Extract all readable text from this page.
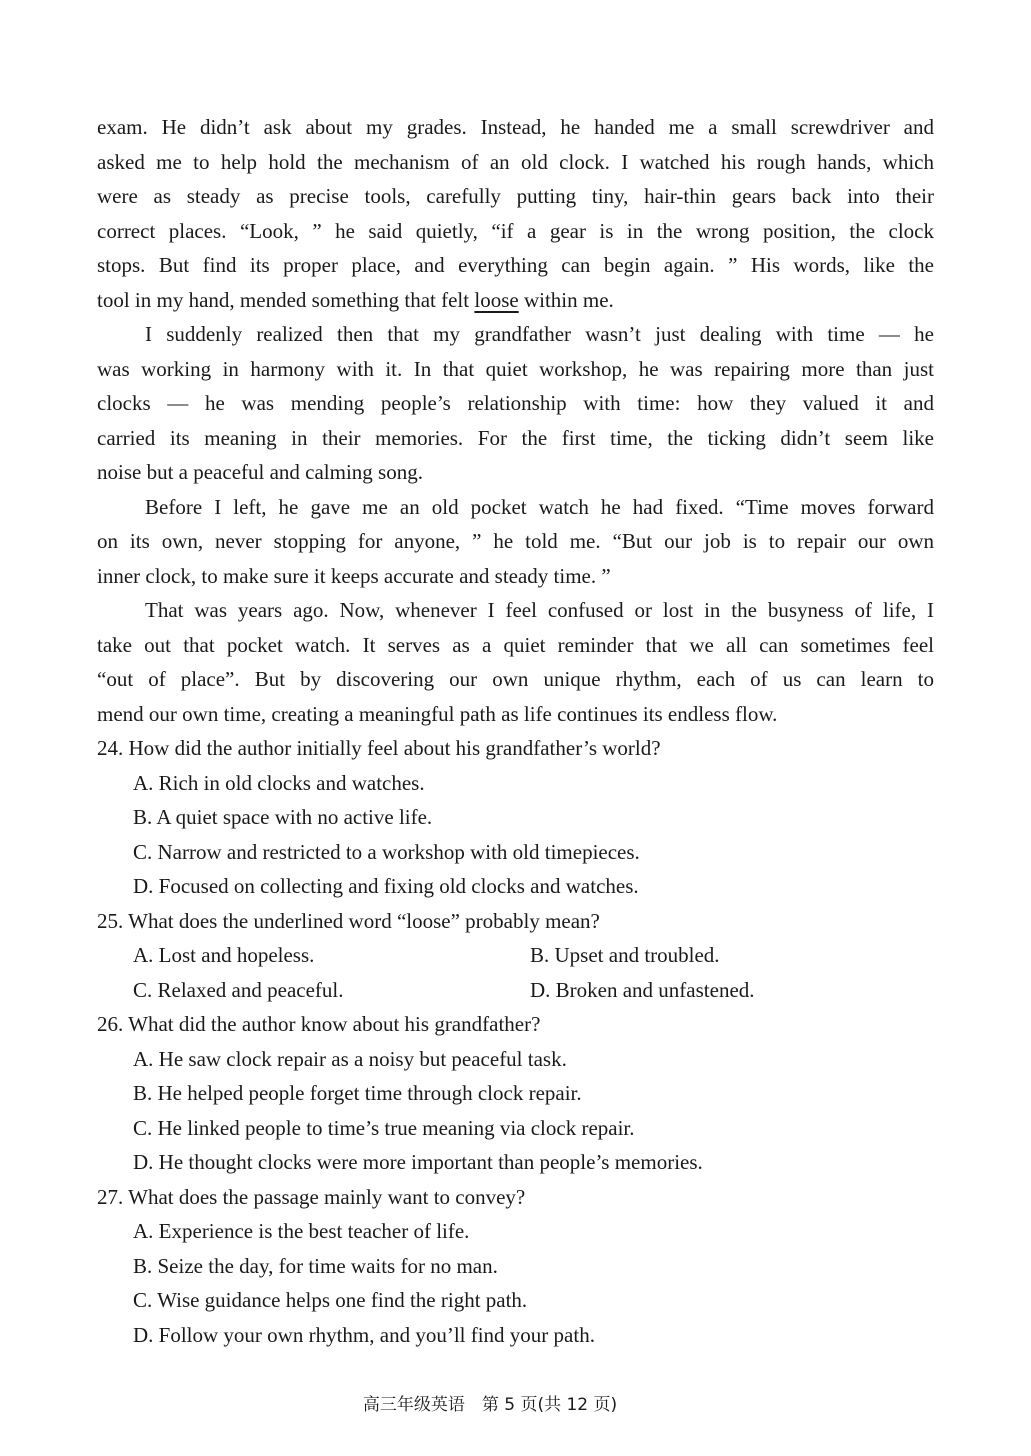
exam. He didn’t ask about my grades. Instead, he handed me a small screwdriver and
asked me to help hold the mechanism of an old clock. I watched his rough hands, which
were as steady as precise tools, carefully putting tiny, hair-thin gears back into their
correct places. “Look, ” he said quietly, “if a gear is in the wrong position, the clock
stops. But find its proper place, and everything can begin again. ” His words, like the
tool in my hand, mended something that felt loose within me.
I suddenly realized then that my grandfather wasn’t just dealing with time — he
was working in harmony with it. In that quiet workshop, he was repairing more than just
clocks — he was mending people’s relationship with time: how they valued it and
carried its meaning in their memories. For the first time, the ticking didn’t seem like
noise but a peaceful and calming song.
Before I left, he gave me an old pocket watch he had fixed. “Time moves forward
on its own, never stopping for anyone, ” he told me. “But our job is to repair our own
inner clock, to make sure it keeps accurate and steady time. ”
That was years ago. Now, whenever I feel confused or lost in the busyness of life, I
take out that pocket watch. It serves as a quiet reminder that we all can sometimes feel
“out of place”. But by discovering our own unique rhythm, each of us can learn to
mend our own time, creating a meaningful path as life continues its endless flow.
24. How did the author initially feel about his grandfather’s world?
A. Rich in old clocks and watches.
B. A quiet space with no active life.
C. Narrow and restricted to a workshop with old timepieces.
D. Focused on collecting and fixing old clocks and watches.
25. What does the underlined word “loose” probably mean?
A. Lost and hopeless.	B. Upset and troubled.
C. Relaxed and peaceful.	D. Broken and unfastened.
26. What did the author know about his grandfather?
A. He saw clock repair as a noisy but peaceful task.
B. He helped people forget time through clock repair.
C. He linked people to time’s true meaning via clock repair.
D. He thought clocks were more important than people’s memories.
27. What does the passage mainly want to convey?
A. Experience is the best teacher of life.
B. Seize the day, for time waits for no man.
C. Wise guidance helps one find the right path.
D. Follow your own rhythm, and you’ll find your path.
高三年级英语　第 5 页(共 12 页)
